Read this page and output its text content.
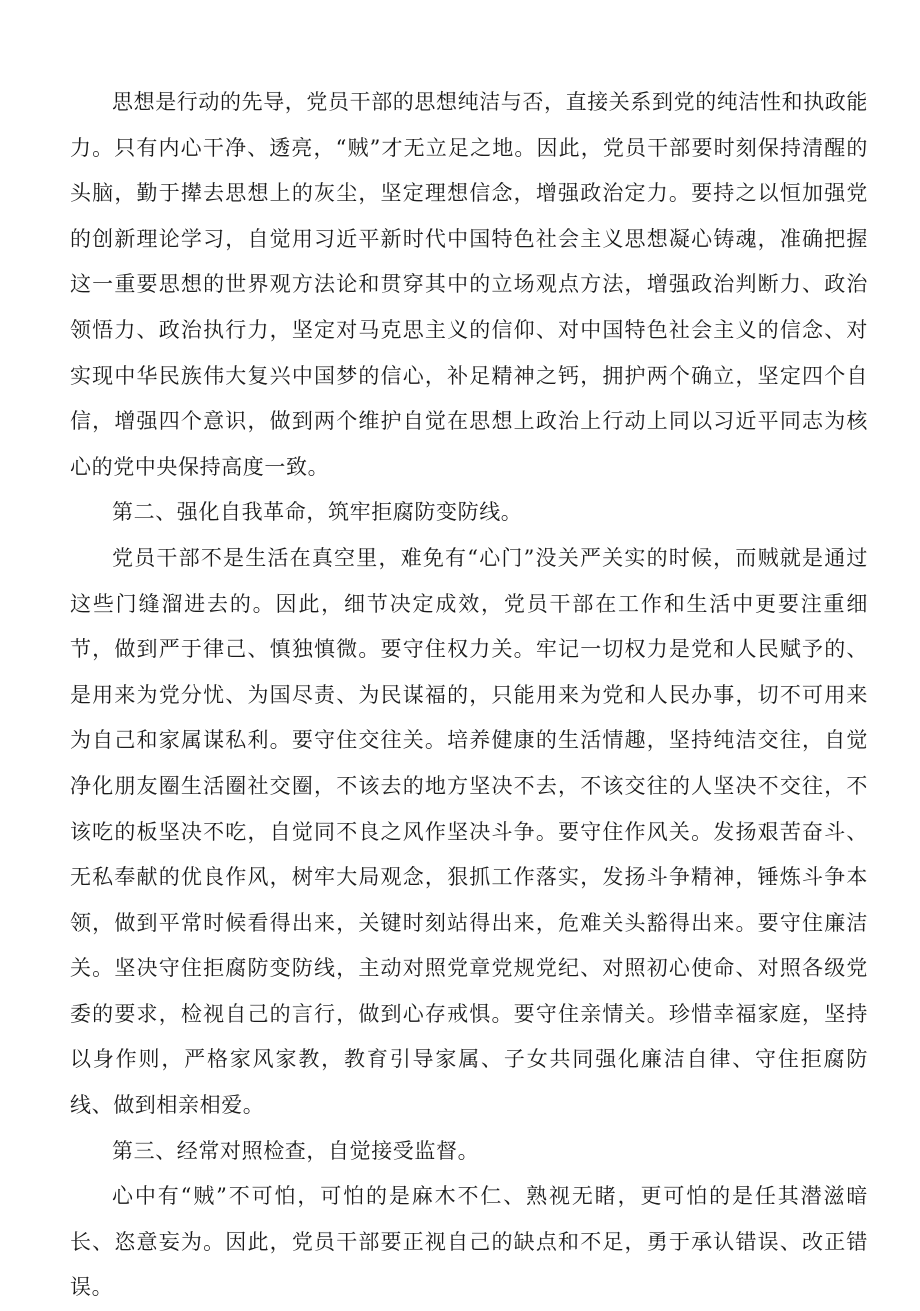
思想是行动的先导，党员干部的思想纯洁与否，直接关系到党的纯洁性和执政能力。只有内心干净、透亮，“贼”才无立足之地。因此，党员干部要时刻保持清醒的头脑，勤于撵去思想上的灰尘，坚定理想信念，增强政治定力。要持之以恒加强党的创新理论学习，自觉用习近平新时代中国特色社会主义思想凝心铸魂，准确把握这一重要思想的世界观方法论和贯穿其中的立场观点方法，增强政治判断力、政治领悟力、政治执行力，坚定对马克思主义的信仰、对中国特色社会主义的信念、对实现中华民族伟大复兴中国梦的信心，补足精神之钙，拥护两个确立，坚定四个自信，增强四个意识，做到两个维护自觉在思想上政治上行动上同以习近平同志为核心的党中央保持高度一致。

第二、强化自我革命，筑牢拒腐防变防线。

党员干部不是生活在真空里，难免有“心门”没关严关实的时候，而贼就是通过这些门缝溜进去的。因此，细节决定成效，党员干部在工作和生活中更要注重细节，做到严于律己、慎独慎微。要守住权力关。牢记一切权力是党和人民赋予的、是用来为党分忧、为国尽责、为民谋福的，只能用来为党和人民办事，切不可用来为自己和家属谋私利。要守住交往关。培养健康的生活情趣，坚持纯洁交往，自觉净化朋友圈生活圈社交圈，不该去的地方坚决不去，不该交往的人坚决不交往，不该吃的板坚决不吃，自觉同不良之风作坚决斗争。要守住作风关。发扬艰苦奋斗、无私奉献的优良作风，树牢大局观念，狠抓工作落实，发扬斗争精神，锤炼斗争本领，做到平常时候看得出来，关键时刻站得出来，危难关头豁得出来。要守住廉洁关。坚决守住拒腐防变防线，主动对照党章党规党纪、对照初心使命、对照各级党委的要求，检视自己的言行，做到心存戒惧。要守住亲情关。珍惜幸福家庭，坚持以身作则，严格家风家教，教育引导家属、子女共同强化廉洁自律、守住拒腐防线、做到相亲相爱。

第三、经常对照检查，自觉接受监督。

心中有“贼”不可怕，可怕的是麻木不仁、熟视无睹，更可怕的是任其潜滋暗长、恣意妄为。因此，党员干部要正视自己的缺点和不足，勇于承认错误、改正错误。
